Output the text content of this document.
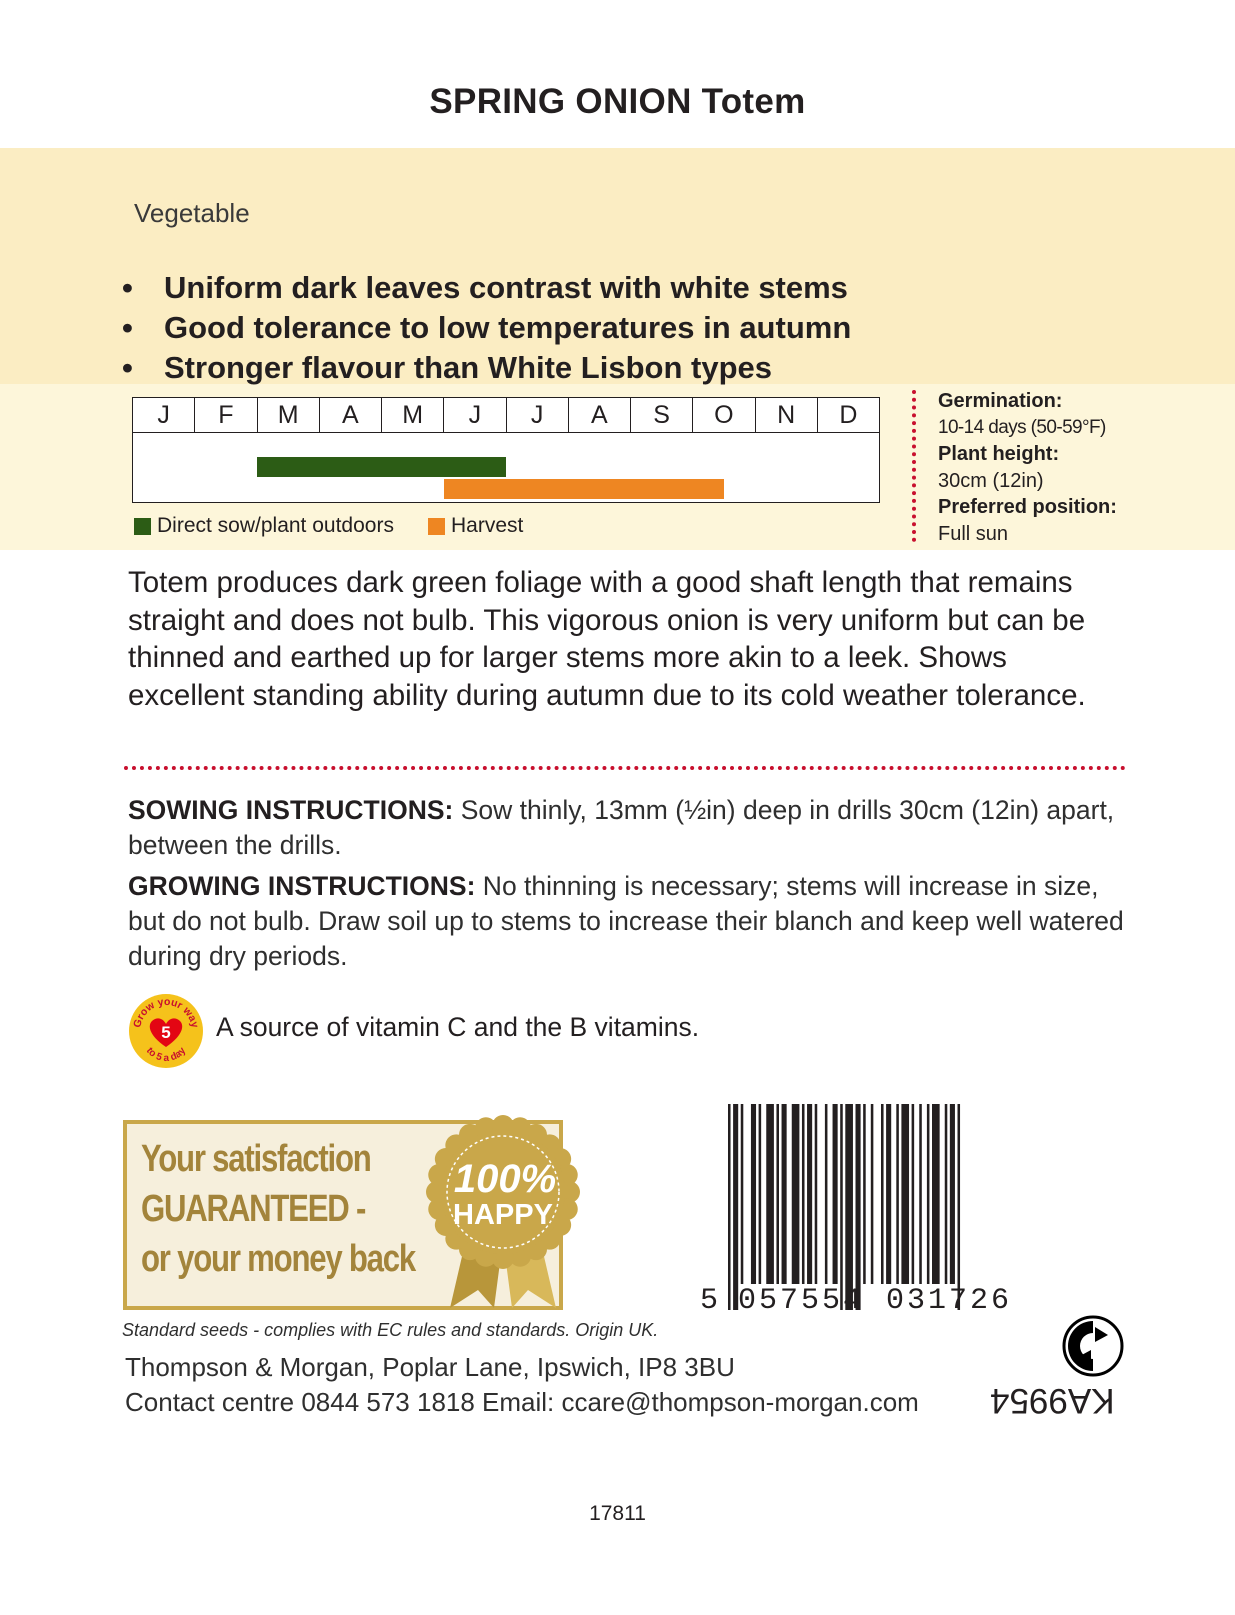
SPRING ONION Totem
Vegetable
• Uniform dark leaves contrast with white stems
• Good tolerance to low temperatures in autumn
• Stronger flavour than White Lisbon types
J	F	M	A	M	J	J	A	S	O	N	D
Direct sow/plant outdoors	Harvest
Germination:
10-14 days (50-59°F)
Plant height:
30cm (12in)
Preferred position:
Full sun
Totem produces dark green foliage with a good shaft length that remains straight and does not bulb. This vigorous onion is very uniform but can be thinned and earthed up for larger stems more akin to a leek. Shows excellent standing ability during autumn due to its cold weather tolerance.
SOWING INSTRUCTIONS: Sow thinly, 13mm (½in) deep in drills 30cm (12in) apart, between the drills.
GROWING INSTRUCTIONS: No thinning is necessary; stems will increase in size, but do not bulb. Draw soil up to stems to increase their blanch and keep well watered during dry periods.
Grow your way
to 5 a day
5 A source of vitamin C and the B vitamins.
Your satisfaction
GUARANTEED -
or your money back
100%
HAPPY
5 057554 031726
Standard seeds - complies with EC rules and standards. Origin UK.
Thompson & Morgan, Poplar Lane, Ipswich, IP8 3BU
Contact centre 0844 573 1818 Email: ccare@thompson-morgan.com KA9954
17811
